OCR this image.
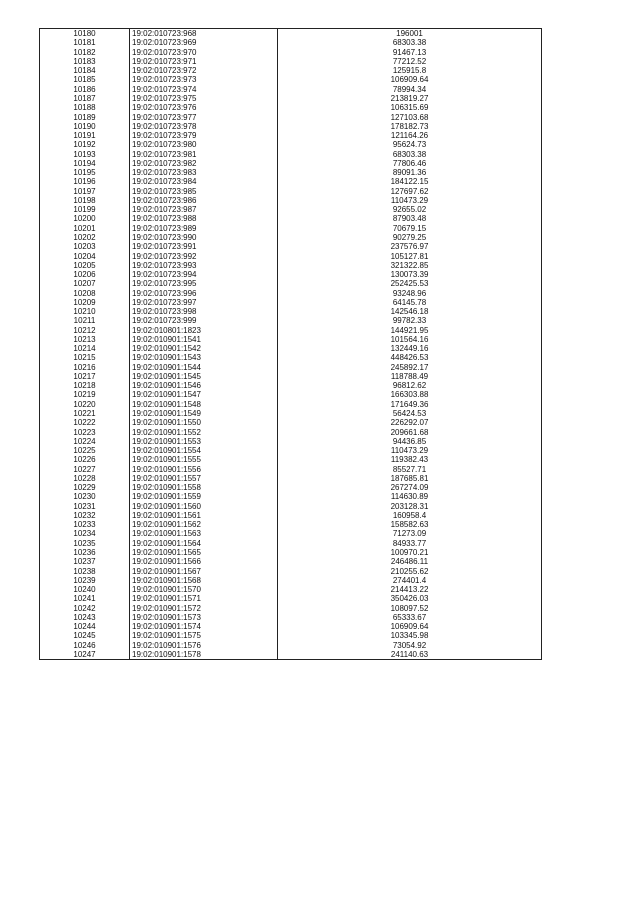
10180	19:02:010723:968	196001
10181	19:02:010723:969	68303.38
10182	19:02:010723:970	91467.13
10183	19:02:010723:971	77212.52
10184	19:02:010723:972	125915.8
10185	19:02:010723:973	106909.64
10186	19:02:010723:974	78994.34
10187	19:02:010723:975	213819.27
10188	19:02:010723:976	106315.69
10189	19:02:010723:977	127103.68
10190	19:02:010723:978	178182.73
10191	19:02:010723:979	121164.26
10192	19:02:010723:980	95624.73
10193	19:02:010723:981	68303.38
10194	19:02:010723:982	77806.46
10195	19:02:010723:983	89091.36
10196	19:02:010723:984	184122.15
10197	19:02:010723:985	127697.62
10198	19:02:010723:986	110473.29
10199	19:02:010723:987	92655.02
10200	19:02:010723:988	87903.48
10201	19:02:010723:989	70679.15
10202	19:02:010723:990	90279.25
10203	19:02:010723:991	237576.97
10204	19:02:010723:992	105127.81
10205	19:02:010723:993	321322.85
10206	19:02:010723:994	130073.39
10207	19:02:010723:995	252425.53
10208	19:02:010723:996	93248.96
10209	19:02:010723:997	64145.78
10210	19:02:010723:998	142546.18
10211	19:02:010723:999	99782.33
10212	19:02:010801:1823	144921.95
10213	19:02:010901:1541	101564.16
10214	19:02:010901:1542	132449.16
10215	19:02:010901:1543	448426.53
10216	19:02:010901:1544	245892.17
10217	19:02:010901:1545	118788.49
10218	19:02:010901:1546	96812.62
10219	19:02:010901:1547	166303.88
10220	19:02:010901:1548	171649.36
10221	19:02:010901:1549	56424.53
10222	19:02:010901:1550	226292.07
10223	19:02:010901:1552	209661.68
10224	19:02:010901:1553	94436.85
10225	19:02:010901:1554	110473.29
10226	19:02:010901:1555	119382.43
10227	19:02:010901:1556	85527.71
10228	19:02:010901:1557	187685.81
10229	19:02:010901:1558	267274.09
10230	19:02:010901:1559	114630.89
10231	19:02:010901:1560	203128.31
10232	19:02:010901:1561	160958.4
10233	19:02:010901:1562	158582.63
10234	19:02:010901:1563	71273.09
10235	19:02:010901:1564	84933.77
10236	19:02:010901:1565	100970.21
10237	19:02:010901:1566	246486.11
10238	19:02:010901:1567	210255.62
10239	19:02:010901:1568	274401.4
10240	19:02:010901:1570	214413.22
10241	19:02:010901:1571	350426.03
10242	19:02:010901:1572	108097.52
10243	19:02:010901:1573	65333.67
10244	19:02:010901:1574	106909.64
10245	19:02:010901:1575	103345.98
10246	19:02:010901:1576	73054.92
10247	19:02:010901:1578	241140.63
